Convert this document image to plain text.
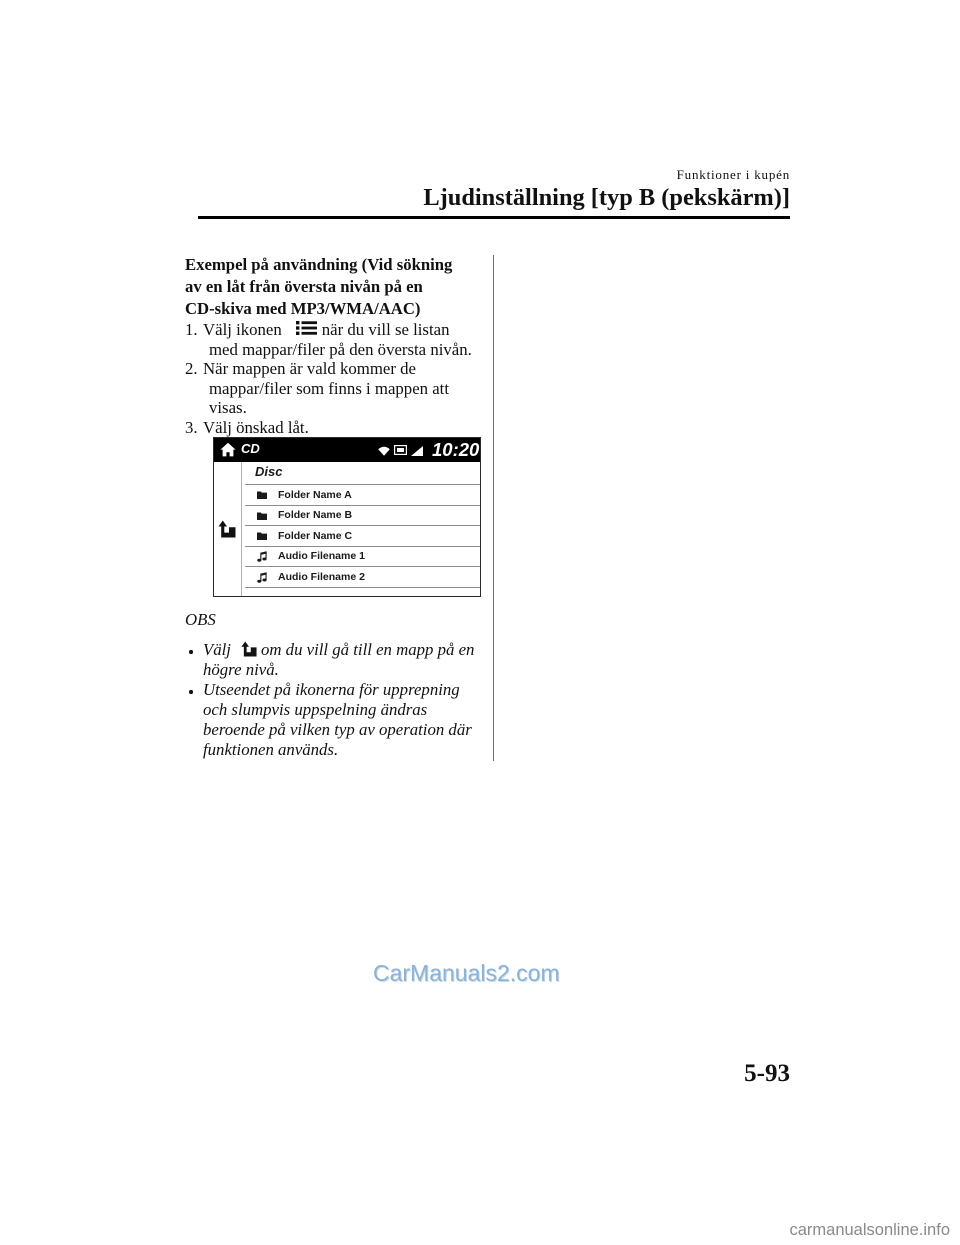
Funktioner i kupén
Ljudinställning [typ B (pekskärm)]
Exempel på användning (Vid sökning
av en låt från översta nivån på en
CD-skiva med MP3/WMA/AAC)
1. Välj ikonen när du vill se listan
med mappar/filer på den översta nivån.
2. När mappen är vald kommer de
mappar/filer som finns i mappen att
visas.
3. Välj önskad låt.
CD	10:20
Disc
Folder Name A
Folder Name B
Folder Name C
Audio Filename 1
Audio Filename 2
OBS
Välj om du vill gå till en mapp på en
högre nivå.
Utseendet på ikonerna för upprepning
och slumpvis uppspelning ändras
beroende på vilken typ av operation där
funktionen används.
CarManuals2.com
5-93
carmanualsonline.info
